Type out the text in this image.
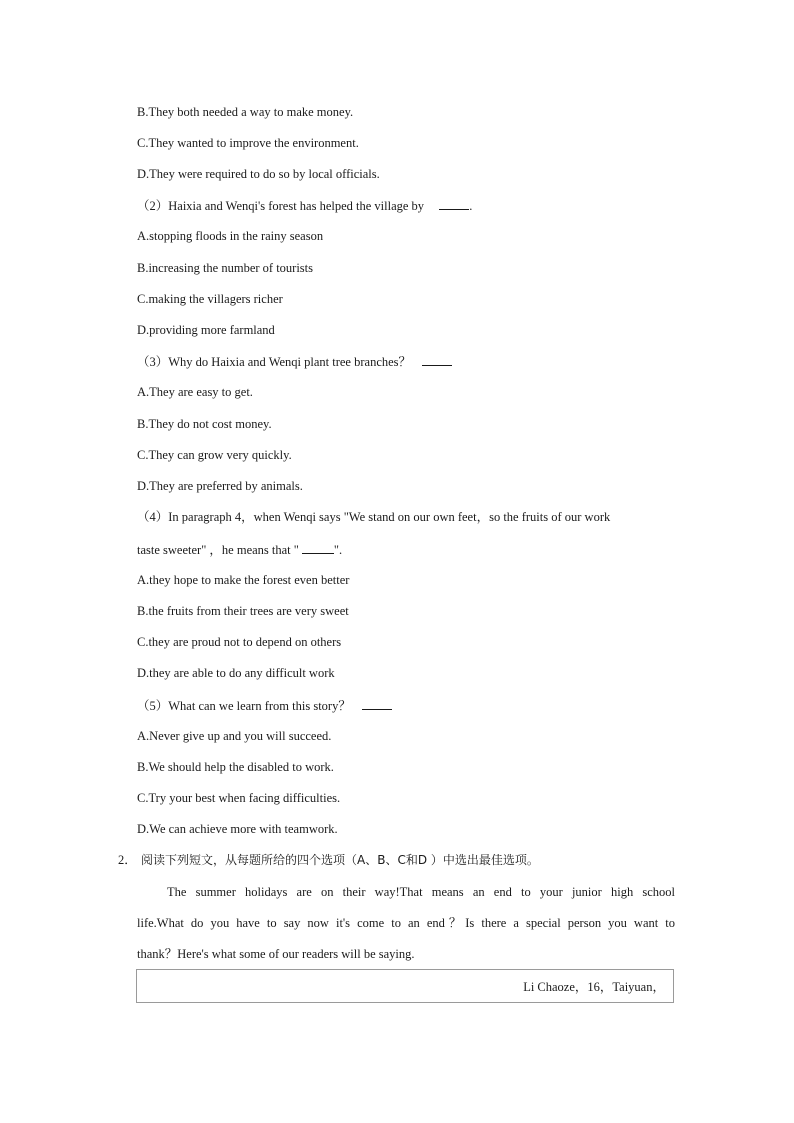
B.They both needed a way to make money.
C.They wanted to improve the environment.
D.They were required to do so by local officials.
（2）Haixia and Wenqi's forest has helped the village by	.
A.stopping floods in the rainy season
B.increasing the number of tourists
C.making the villagers richer
D.providing more farmland
（3）Why do Haixia and Wenqi plant tree branches？
A.They are easy to get.
B.They do not cost money.
C.They can grow very quickly.
D.They are preferred by animals.
（4）In paragraph 4，when Wenqi says "We stand on our own feet，so the fruits of our work
taste sweeter" ，he means that "	".
A.they hope to make the forest even better
B.the fruits from their trees are very sweet
C.they are proud not to depend on others
D.they are able to do any difficult work
（5）What can we learn from this story？
A.Never give up and you will succeed.
B.We should help the disabled to work.
C.Try your best when facing difficulties.
D.We can achieve more with teamwork.
2． 阅读下列短文，从每题所给的四个选项（A、B、C和D ）中选出最佳选项。
The summer holidays are on their way!That means an end to your junior high school
life.What do you have to say now it's come to an end？Is there a special person you want to
thank？Here's what some of our readers will be saying.
Li Chaoze，16，Taiyuan，
